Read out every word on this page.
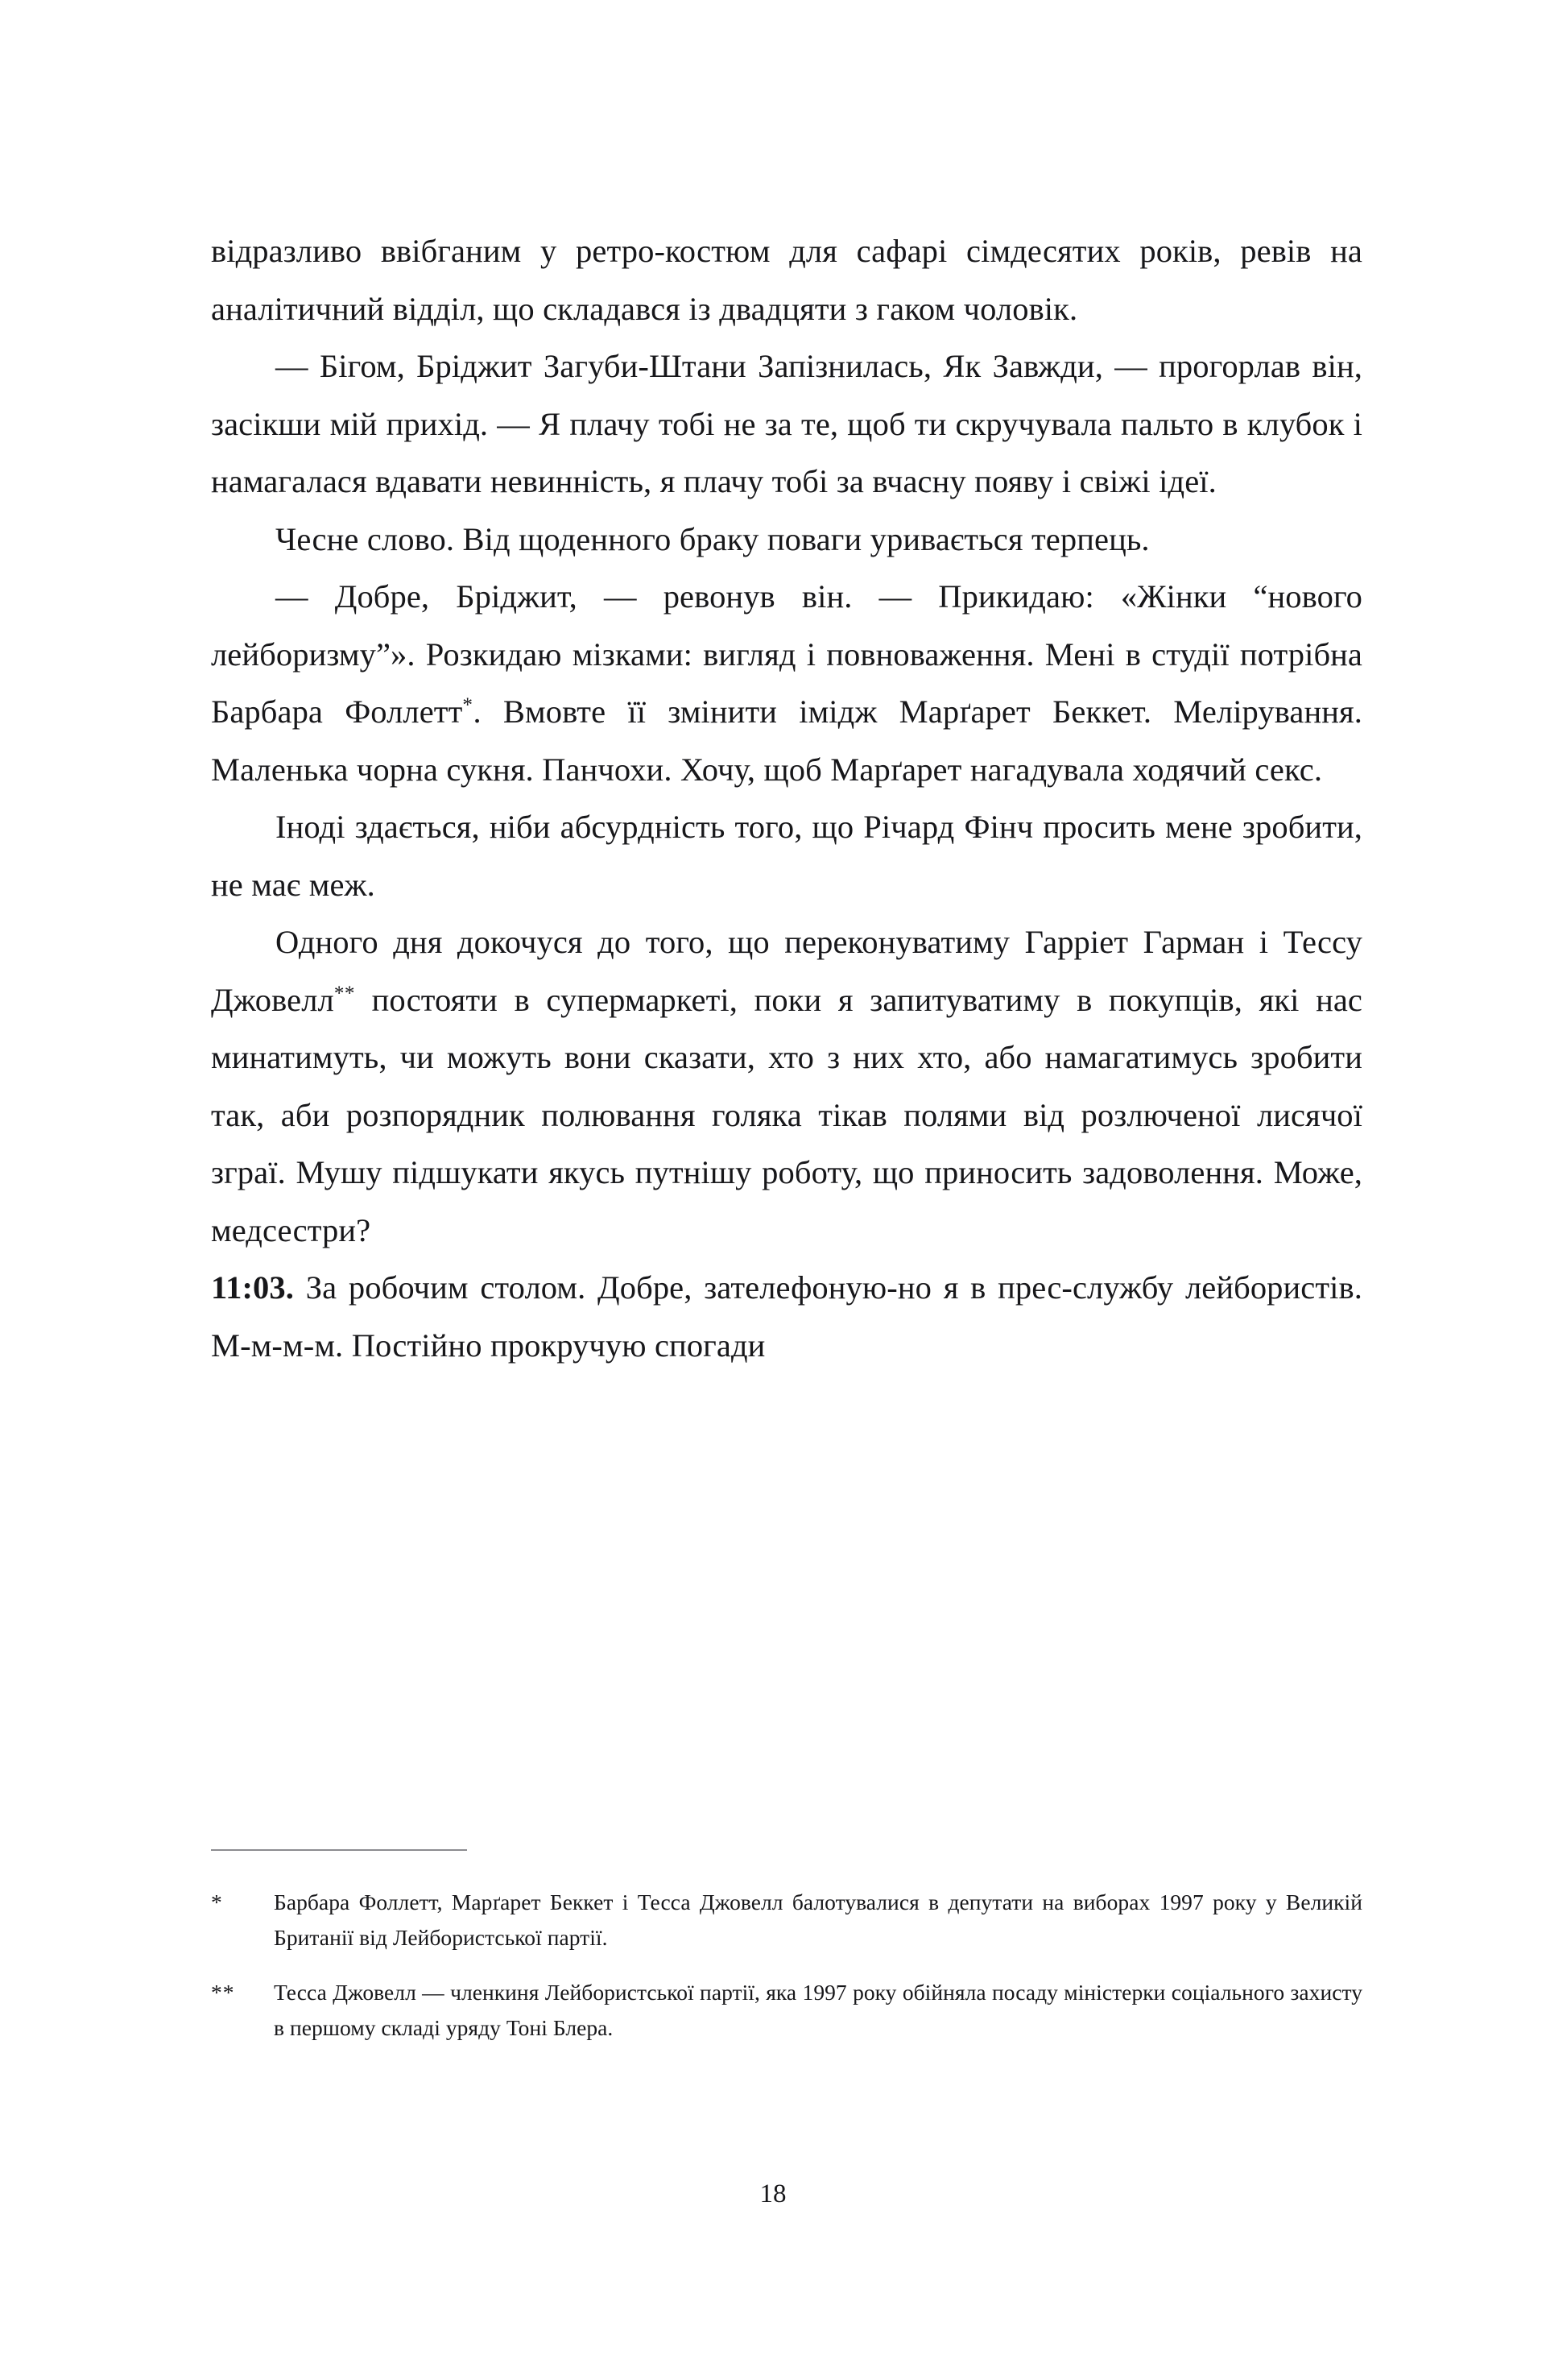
відразливо ввібганим у ретро-костюм для сафарі сімдесятих років, ревів на аналітичний відділ, що складався із двадцяти з гаком чоловік.

— Бігом, Бріджит Загуби-Штани Запізнилась, Як Завжди, — прогорлав він, засікши мій прихід. — Я плачу тобі не за те, щоб ти скручувала пальто в клубок і намагалася вдавати невинність, я плачу тобі за вчасну появу і свіжі ідеї.

Чесне слово. Від щоденного браку поваги уривається терпець.

— Добре, Бріджит, — ревонув він. — Прикидаю: «Жінки “нового лейборизму”». Розкидаю мізками: вигляд і повноваження. Мені в студії потрібна Барбара Фоллетт*. Вмовте її змінити імідж Марґарет Беккет. Мелірування. Маленька чорна сукня. Панчохи. Хочу, щоб Марґарет нагадувала ходячий секс.

Іноді здається, ніби абсурдність того, що Річард Фінч просить мене зробити, не має меж.

Одного дня докочуся до того, що переконуватиму Гарріет Гарман і Тессу Джовелл** постояти в супермаркеті, поки я запитуватиму в покупців, які нас минатимуть, чи можуть вони сказати, хто з них хто, або намагатимусь зробити так, аби розпорядник полювання голяка тікав полями від розлюченої лисячої зграї. Мушу підшукати якусь путнішу роботу, що приносить задоволення. Може, медсестри?

11:03. За робочим столом. Добре, зателефоную-но я в прес-службу лейбористів. М-м-м-м. Постійно прокручую спогади

*	Барбара Фоллетт, Марґарет Беккет і Тесса Джовелл балотувалися в депутати на виборах 1997 року у Великій Британії від Лейбористської партії.
**	Тесса Джовелл — членкиня Лейбористської партії, яка 1997 року обійняла посаду міністерки соціального захисту в першому складі уряду Тоні Блера.
18
